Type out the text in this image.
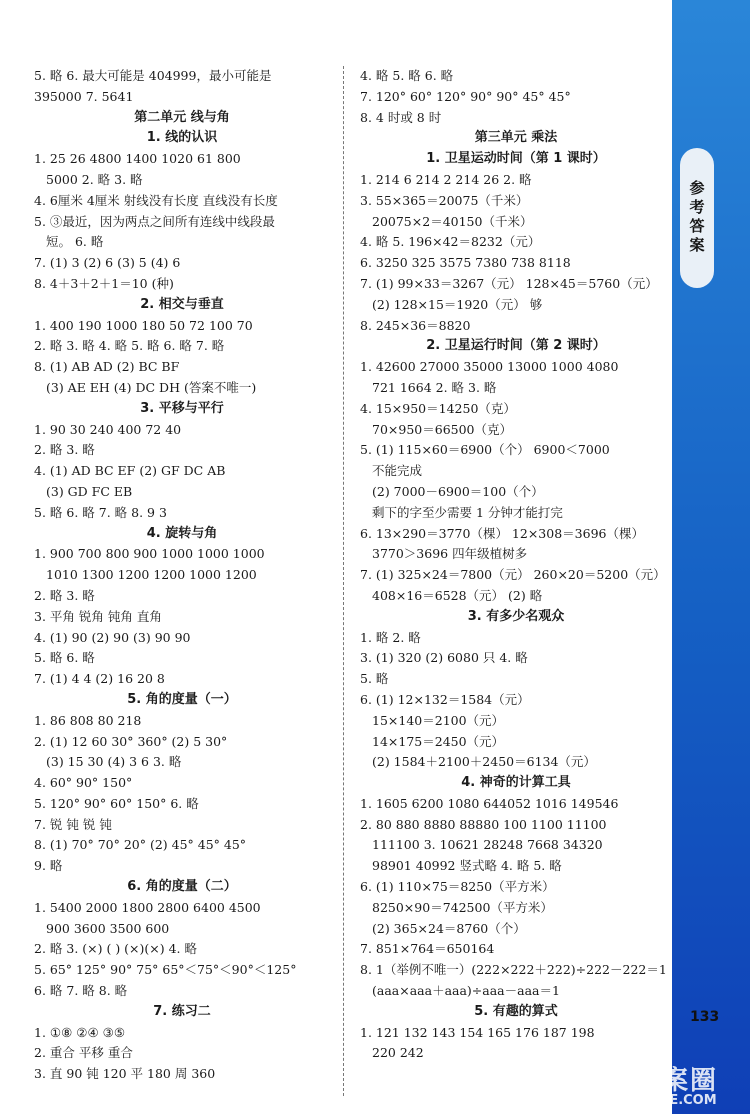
参考答案
5. 略 6. 最大可能是 404999，最小可能是
395000 7. 5641
第二单元 线与角
1. 线的认识
1. 25 26 4800 1400 1020 61 800
5000 2. 略 3. 略
4. 6厘米 4厘米 射线没有长度 直线没有长度
5. ③最近，因为两点之间所有连线中线段最
短。 6. 略
7. (1) 3 (2) 6 (3) 5 (4) 6
8. 4＋3＋2＋1＝10 (种)
2. 相交与垂直
1. 400 190 1000 180 50 72 100 70
2. 略 3. 略 4. 略 5. 略 6. 略 7. 略
8. (1) AB AD (2) BC BF
(3) AE EH (4) DC DH (答案不唯一)
3. 平移与平行
1. 90 30 240 400 72 40
2. 略 3. 略
4. (1) AD BC EF (2) GF DC AB
(3) GD FC EB
5. 略 6. 略 7. 略 8. 9 3
4. 旋转与角
1. 900 700 800 900 1000 1000 1000
1010 1300 1200 1200 1000 1200
2. 略 3. 略
3. 平角 锐角 钝角 直角
4. (1) 90 (2) 90 (3) 90 90
5. 略 6. 略
7. (1) 4 4 (2) 16 20 8
5. 角的度量（一）
1. 86 808 80 218
2. (1) 12 60 30° 360° (2) 5 30°
(3) 15 30 (4) 3 6 3. 略
4. 60° 90° 150°
5. 120° 90° 60° 150° 6. 略
7. 锐 钝 锐 钝
8. (1) 70° 70° 20° (2) 45° 45° 45°
9. 略
6. 角的度量（二）
1. 5400 2000 1800 2800 6400 4500
900 3600 3500 600
2. 略 3. (×) ( ) (×)(×) 4. 略
5. 65° 125° 90° 75° 65°＜75°＜90°＜125°
6. 略 7. 略 8. 略
7. 练习二
1. ①⑧ ②④ ③⑤
2. 重合 平移 重合
3. 直 90 钝 120 平 180 周 360
4. 略 5. 略 6. 略
7. 120° 60° 120° 90° 90° 45° 45°
8. 4 时或 8 时
第三单元 乘法
1. 卫星运动时间（第 1 课时）
1. 214 6 214 2 214 26 2. 略
3. 55×365＝20075（千米）
20075×2＝40150（千米）
4. 略 5. 196×42＝8232（元）
6. 3250 325 3575 7380 738 8118
7. (1) 99×33＝3267（元） 128×45＝5760（元）
(2) 128×15＝1920（元） 够
8. 245×36＝8820
2. 卫星运行时间（第 2 课时）
1. 42600 27000 35000 13000 1000 4080
721 1664 2. 略 3. 略
4. 15×950＝14250（克）
70×950＝66500（克）
5. (1) 115×60＝6900（个） 6900＜7000
不能完成
(2) 7000－6900＝100（个）
剩下的字至少需要 1 分钟才能打完
6. 13×290＝3770（棵） 12×308＝3696（棵）
3770＞3696 四年级植树多
7. (1) 325×24＝7800（元） 260×20＝5200（元）
408×16＝6528（元） (2) 略
3. 有多少名观众
1. 略 2. 略
3. (1) 320 (2) 6080 只 4. 略
5. 略
6. (1) 12×132＝1584（元）
15×140＝2100（元）
14×175＝2450（元）
(2) 1584＋2100＋2450＝6134（元）
4. 神奇的计算工具
1. 1605 6200 1080 644052 1016 149546
2. 80 880 8880 88880 100 1100 11100
111100 3. 10621 28248 7668 34320
98901 40992 竖式略 4. 略 5. 略
6. (1) 110×75＝8250（平方米）
8250×90＝742500（平方米）
(2) 365×24＝8760（个）
7. 851×764＝650164
8. 1（举例不唯一）(222×222＋222)÷222－222＝1
(aaa×aaa＋aaa)÷aaa－aaa＝1
5. 有趣的算式
1. 121 132 143 154 165 176 187 198
220 242
133
答案圈
MXQE.COM
